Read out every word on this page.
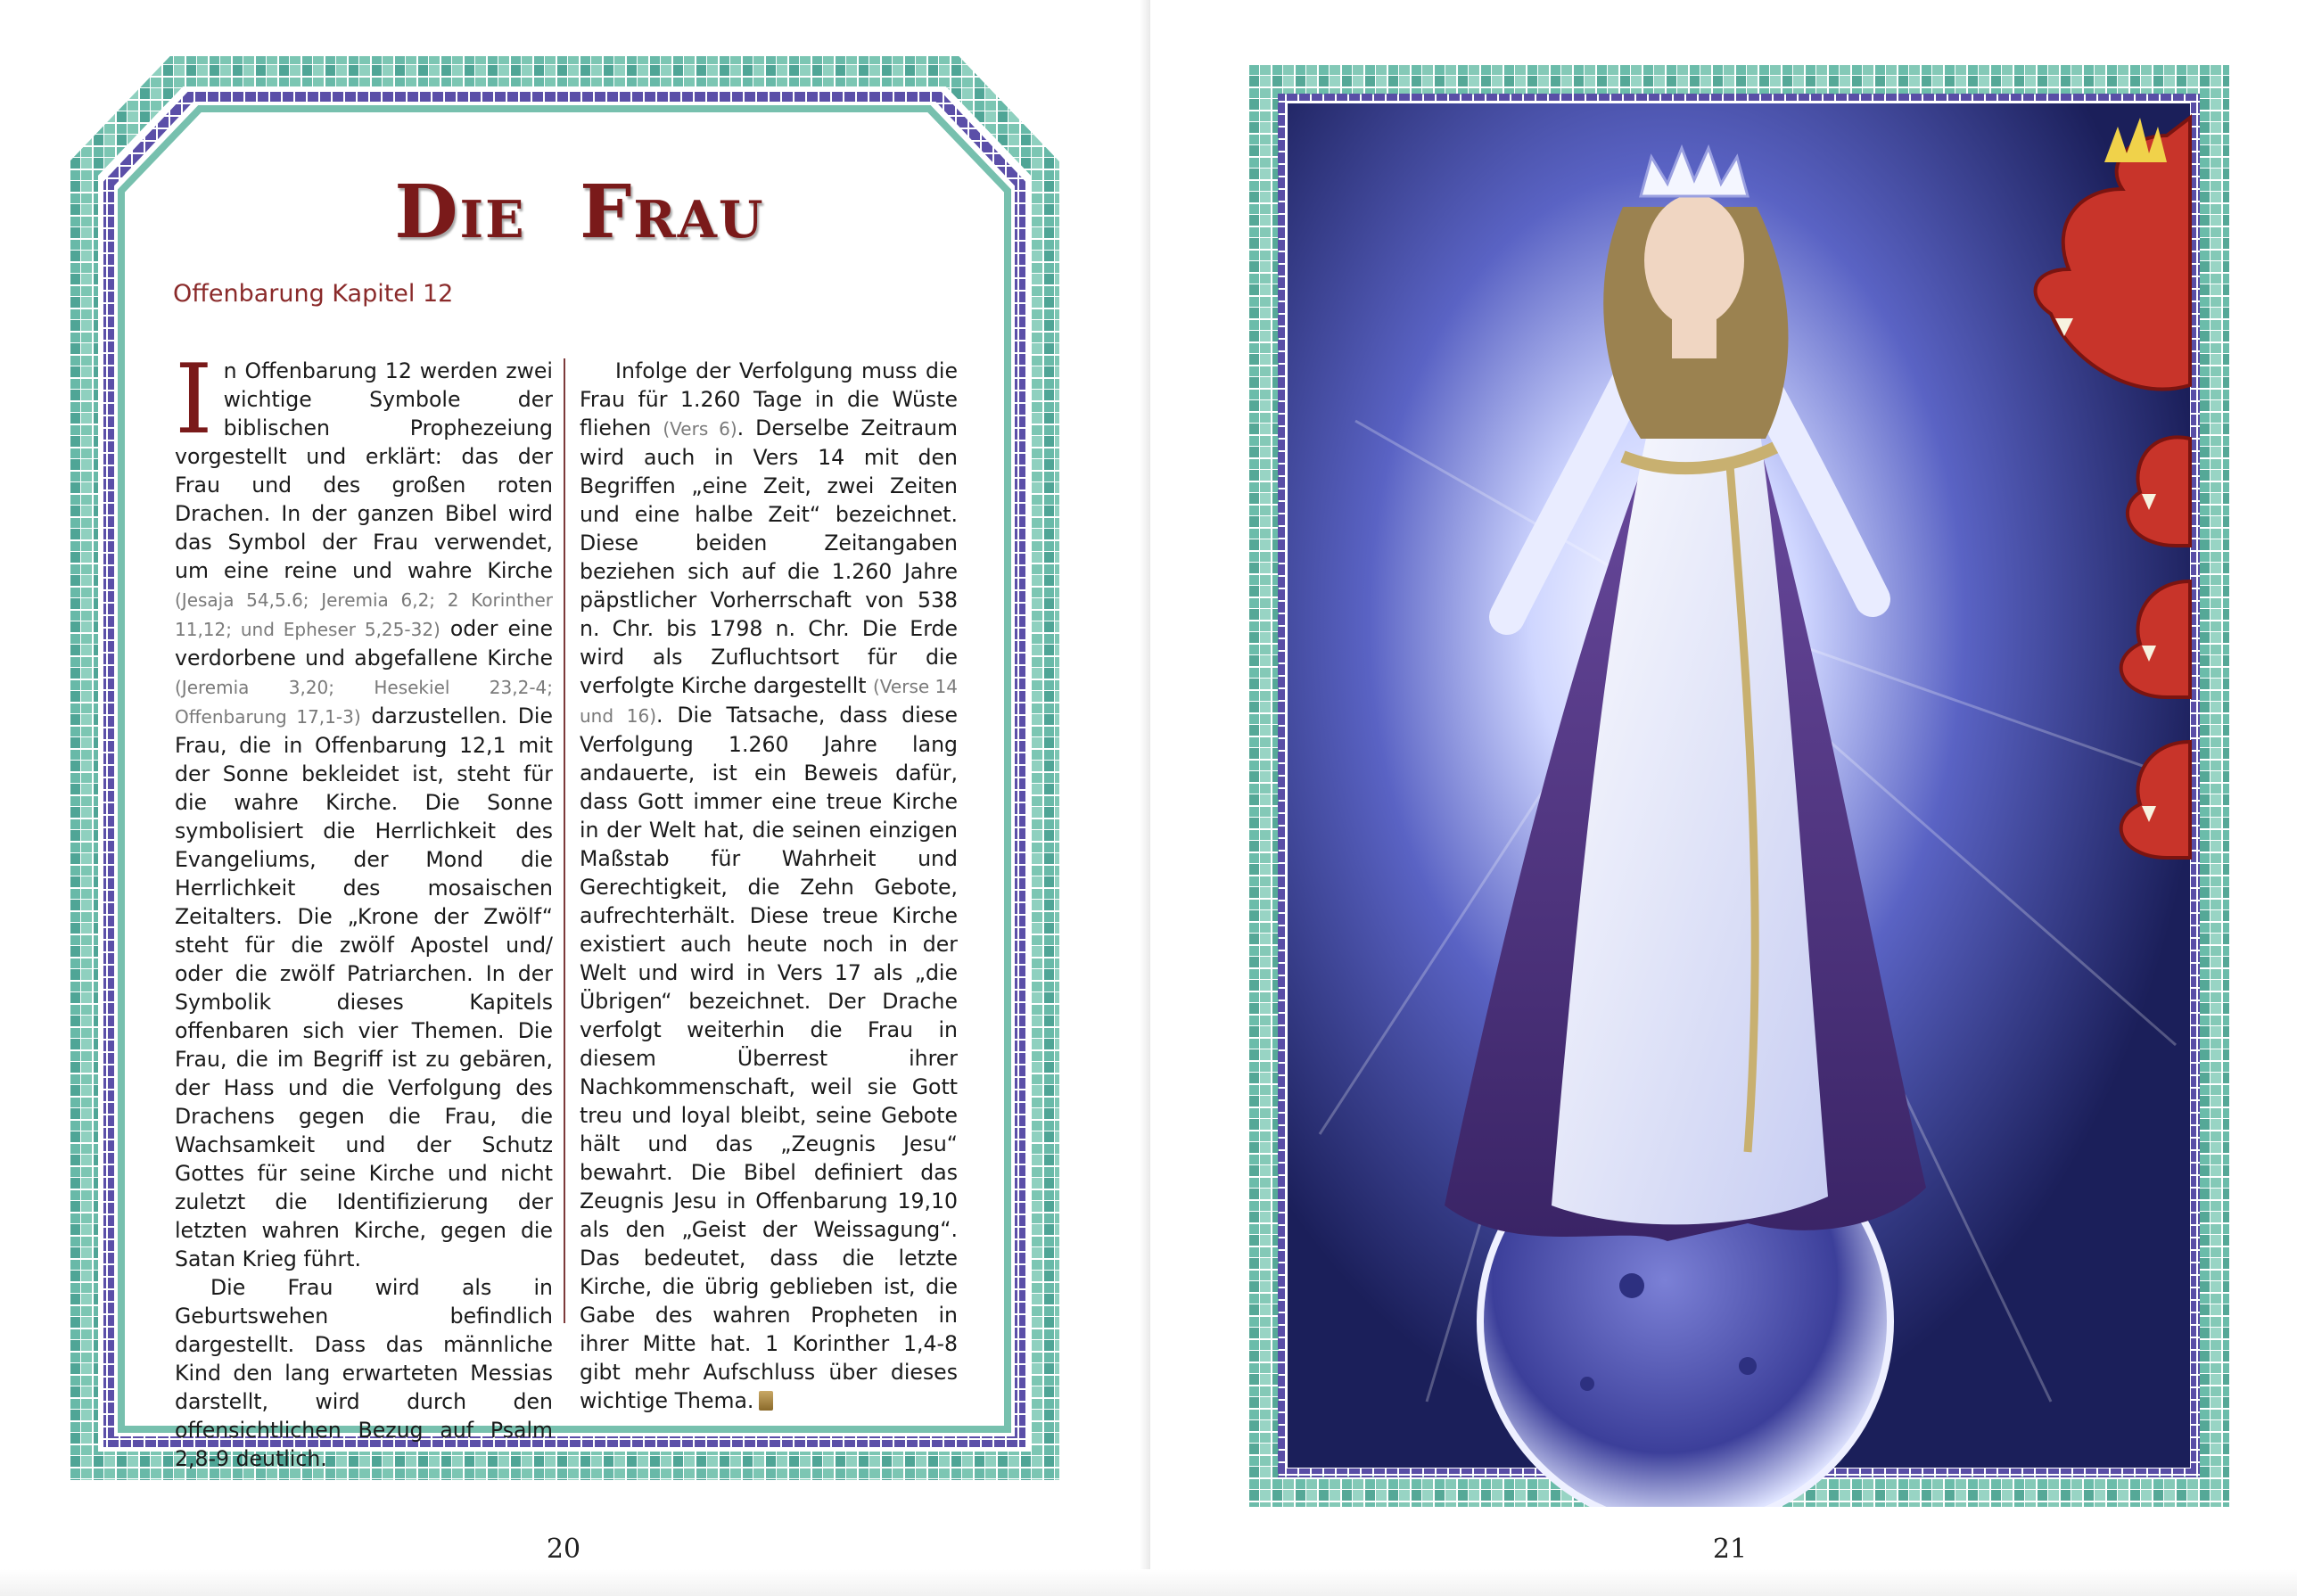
Die Frau
Offenbarung Kapitel 12

In Offenbarung 12 werden zwei wichtige Symbole der biblischen Prophezeiung vorgestellt und erklärt: das der Frau und des großen roten Drachen. In der ganzen Bibel wird das Symbol der Frau verwendet, um eine reine und wahre Kirche (Jesaja 54,5.6; Jeremia 6,2; 2 Korinther 11,12; und Epheser 5,25-32) oder eine verdorbene und abgefallene Kirche (Jeremia 3,20; Hesekiel 23,2-4; Offenbarung 17,1-3) darzustellen. Die Frau, die in Offenbarung 12,1 mit der Sonne bekleidet ist, steht für die wahre Kirche. Die Sonne symbolisiert die Herrlichkeit des Evangeliums, der Mond die Herrlichkeit des mosaischen Zeitalters. Die „Krone der Zwölf“ steht für die zwölf Apostel und/ oder die zwölf Patriarchen. In der Symbolik dieses Kapitels offenbaren sich vier Themen. Die Frau, die im Begriff ist zu gebären, der Hass und die Verfolgung des Drachens gegen die Frau, die Wachsamkeit und der Schutz Gottes für seine Kirche und nicht zuletzt die Identifizierung der letzten wahren Kirche, gegen die Satan Krieg führt.

Die Frau wird als in Geburtswehen befindlich dargestellt. Dass das männliche Kind den lang erwarteten Messias darstellt, wird durch den offensichtlichen Bezug auf Psalm 2,8-9 deutlich.

Infolge der Verfolgung muss die Frau für 1.260 Tage in die Wüste fliehen (Vers 6). Derselbe Zeitraum wird auch in Vers 14 mit den Begriffen „eine Zeit, zwei Zeiten und eine halbe Zeit“ bezeichnet. Diese beiden Zeitangaben beziehen sich auf die 1.260 Jahre päpstlicher Vorherrschaft von 538 n. Chr. bis 1798 n. Chr. Die Erde wird als Zufluchtsort für die verfolgte Kirche dargestellt (Verse 14 und 16). Die Tatsache, dass diese Verfolgung 1.260 Jahre lang andauerte, ist ein Beweis dafür, dass Gott immer eine treue Kirche in der Welt hat, die seinen einzigen Maßstab für Wahrheit und Gerechtigkeit, die Zehn Gebote, aufrechterhält. Diese treue Kirche existiert auch heute noch in der Welt und wird in Vers 17 als „die Übrigen“ bezeichnet. Der Drache verfolgt weiterhin die Frau in diesem Überrest ihrer Nachkommenschaft, weil sie Gott treu und loyal bleibt, seine Gebote hält und das „Zeugnis Jesu“ bewahrt. Die Bibel definiert das Zeugnis Jesu in Offenbarung 19,10 als den „Geist der Weissagung“. Das bedeutet, dass die letzte Kirche, die übrig geblieben ist, die Gabe des wahren Propheten in ihrer Mitte hat. 1 Korinther 1,4-8 gibt mehr Aufschluss über dieses wichtige Thema.

20	21
